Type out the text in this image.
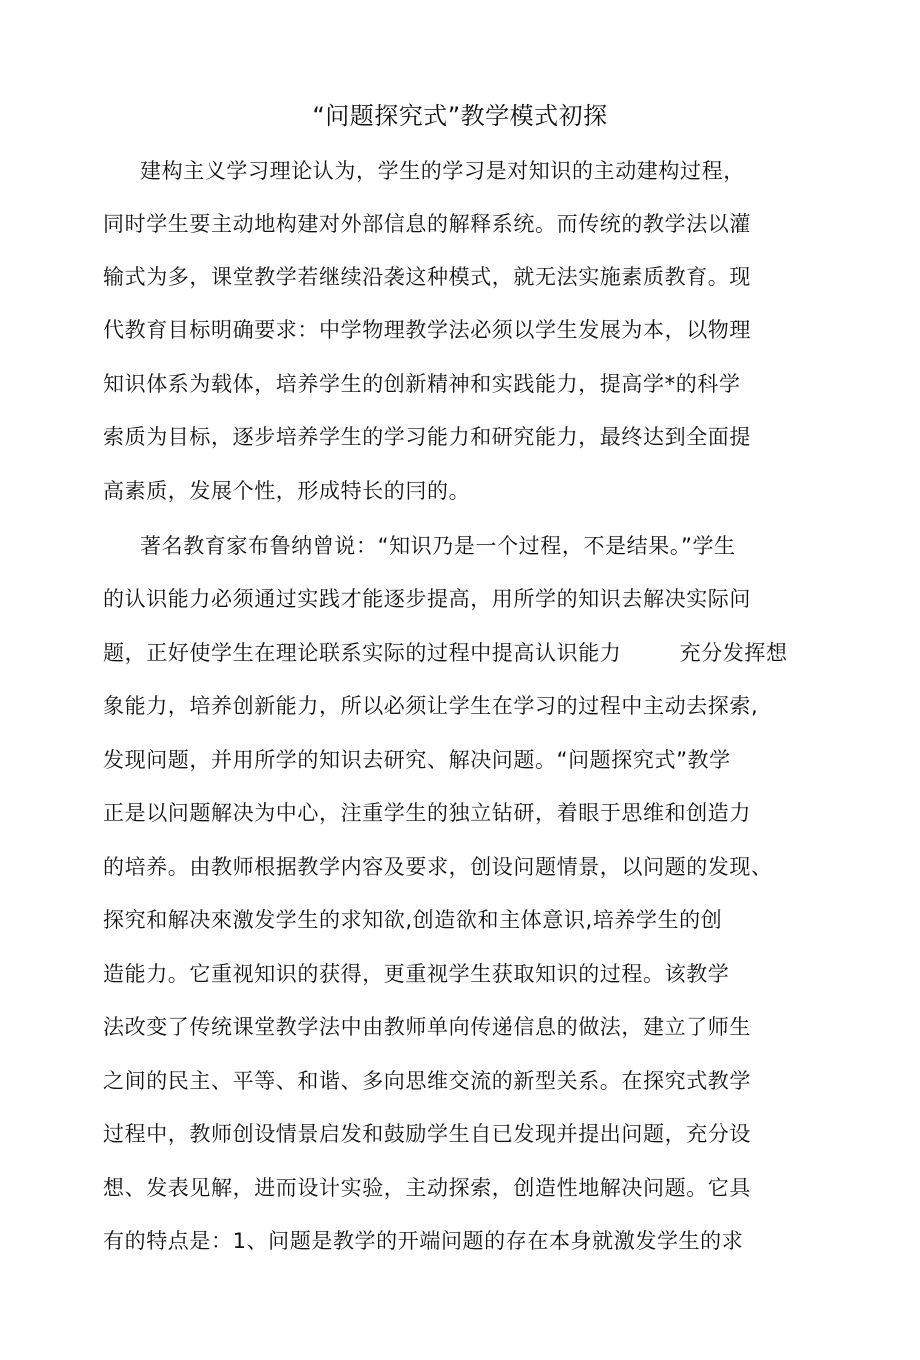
“问题探究式”教学模式初探
建构主义学习理论认为，学生的学习是对知识的主动建构过程，
同时学生要主动地构建对外部信息的解释系统。而传统的教学法以灌
输式为多，课堂教学若继续沿袭这种模式，就无法实施素质教育。现
代教育目标明确要求：中学物理教学法必须以学生发展为本，以物理
知识体系为载体，培养学生的创新精神和实践能力，提高学*的科学
索质为目标，逐步培养学生的学习能力和研究能力，最终达到全面提
高素质，发展个性，形成特长的冃的。
著名教育家布鲁纳曾说：“知识乃是一个过程，不是结果。”学生
的认识能力必须通过实践才能逐步提高，用所学的知识去解决实际问
题，正好使学生在理论联系实际的过程中提高认识能力        充分发挥想
象能力，培养创新能力，所以必须让学生在学习的过程中主动去探索,
发现问题，并用所学的知识去研究、解决问题。“问题探究式”教学
正是以问题解决为中心，注重学生的独立钻研，着眼于思维和创造力
的培养。由教师根据教学内容及要求，创设问题情景，以问题的发现、
探究和解决來激发学生的求知欲,创造欲和主体意识,培养学生的创
造能力。它重视知识的获得，更重视学生获取知识的过程。该教学
法改变了传统课堂教学法中由教师单向传递信息的做法，建立了师生
之间的民主、平等、和谐、多向思维交流的新型关系。在探究式教学
过程中，教师创设情景启发和鼓励学生自已发现并提出问题，充分设
想、发表见解，进而设计实验，主动探索，创造性地解决问题。它具
有的特点是：1、问题是教学的开端问题的存在本身就激发学生的求
